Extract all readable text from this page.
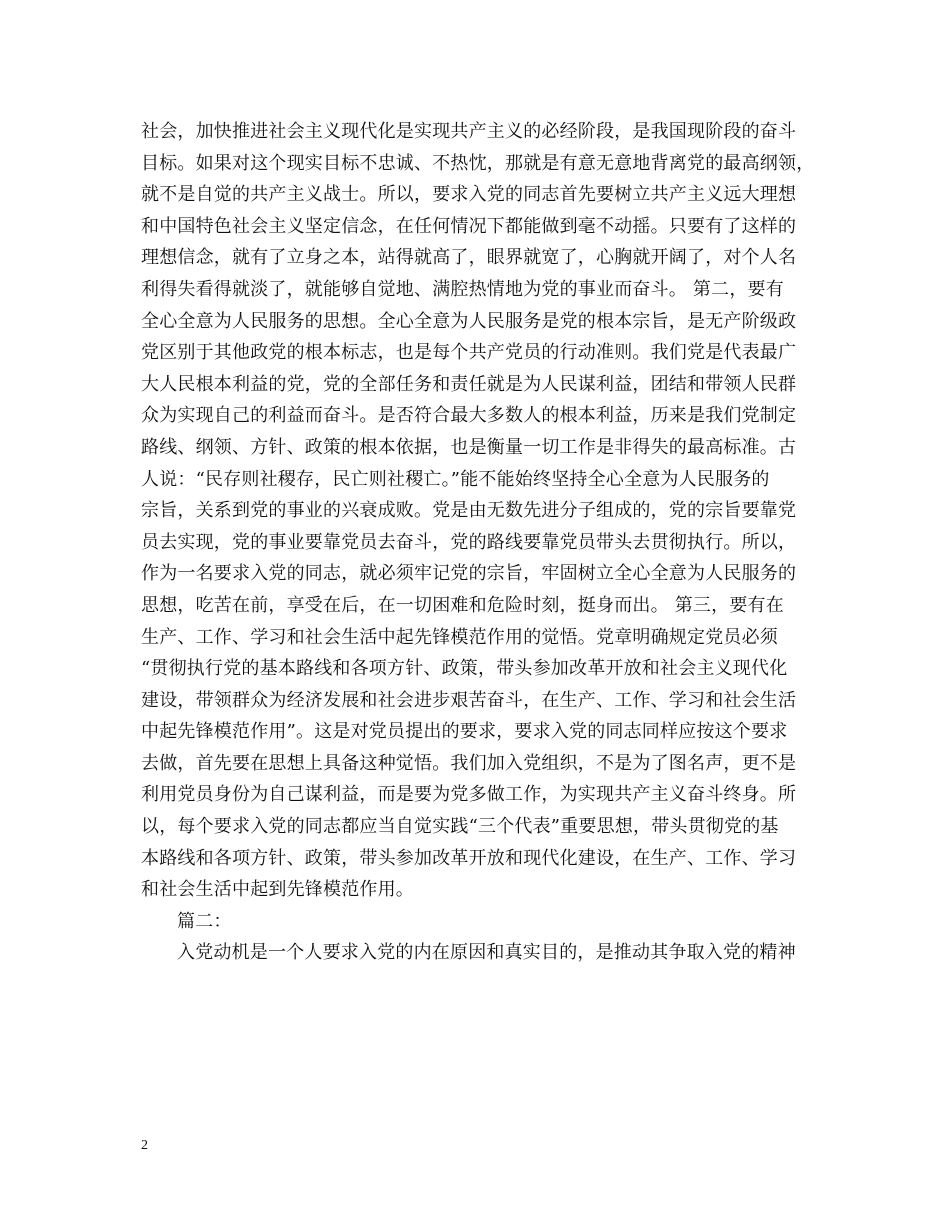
社会，加快推进社会主义现代化是实现共产主义的必经阶段，是我国现阶段的奋斗
目标。如果对这个现实目标不忠诚、不热忱，那就是有意无意地背离党的最高纲领，
就不是自觉的共产主义战士。所以，要求入党的同志首先要树立共产主义远大理想
和中国特色社会主义坚定信念，在任何情况下都能做到毫不动摇。只要有了这样的
理想信念，就有了立身之本，站得就高了，眼界就宽了，心胸就开阔了，对个人名
利得失看得就淡了，就能够自觉地、满腔热情地为党的事业而奋斗。 第二，要有
全心全意为人民服务的思想。全心全意为人民服务是党的根本宗旨，是无产阶级政
党区别于其他政党的根本标志，也是每个共产党员的行动准则。我们党是代表最广
大人民根本利益的党，党的全部任务和责任就是为人民谋利益，团结和带领人民群
众为实现自己的利益而奋斗。是否符合最大多数人的根本利益，历来是我们党制定
路线、纲领、方针、政策的根本依据，也是衡量一切工作是非得失的最高标准。古
人说：“民存则社稷存，民亡则社稷亡。”能不能始终坚持全心全意为人民服务的
宗旨，关系到党的事业的兴衰成败。党是由无数先进分子组成的，党的宗旨要靠党
员去实现，党的事业要靠党员去奋斗，党的路线要靠党员带头去贯彻执行。所以，
作为一名要求入党的同志，就必须牢记党的宗旨，牢固树立全心全意为人民服务的
思想，吃苦在前，享受在后，在一切困难和危险时刻，挺身而出。 第三，要有在
生产、工作、学习和社会生活中起先锋模范作用的觉悟。党章明确规定党员必须
“贯彻执行党的基本路线和各项方针、政策，带头参加改革开放和社会主义现代化
建设，带领群众为经济发展和社会进步艰苦奋斗，在生产、工作、学习和社会生活
中起先锋模范作用”。这是对党员提出的要求，要求入党的同志同样应按这个要求
去做，首先要在思想上具备这种觉悟。我们加入党组织，不是为了图名声，更不是
利用党员身份为自己谋利益，而是要为党多做工作，为实现共产主义奋斗终身。所
以，每个要求入党的同志都应当自觉实践“三个代表”重要思想，带头贯彻党的基
本路线和各项方针、政策，带头参加改革开放和现代化建设，在生产、工作、学习
和社会生活中起到先锋模范作用。
篇二：
入党动机是一个人要求入党的内在原因和真实目的，是推动其争取入党的精神
2
